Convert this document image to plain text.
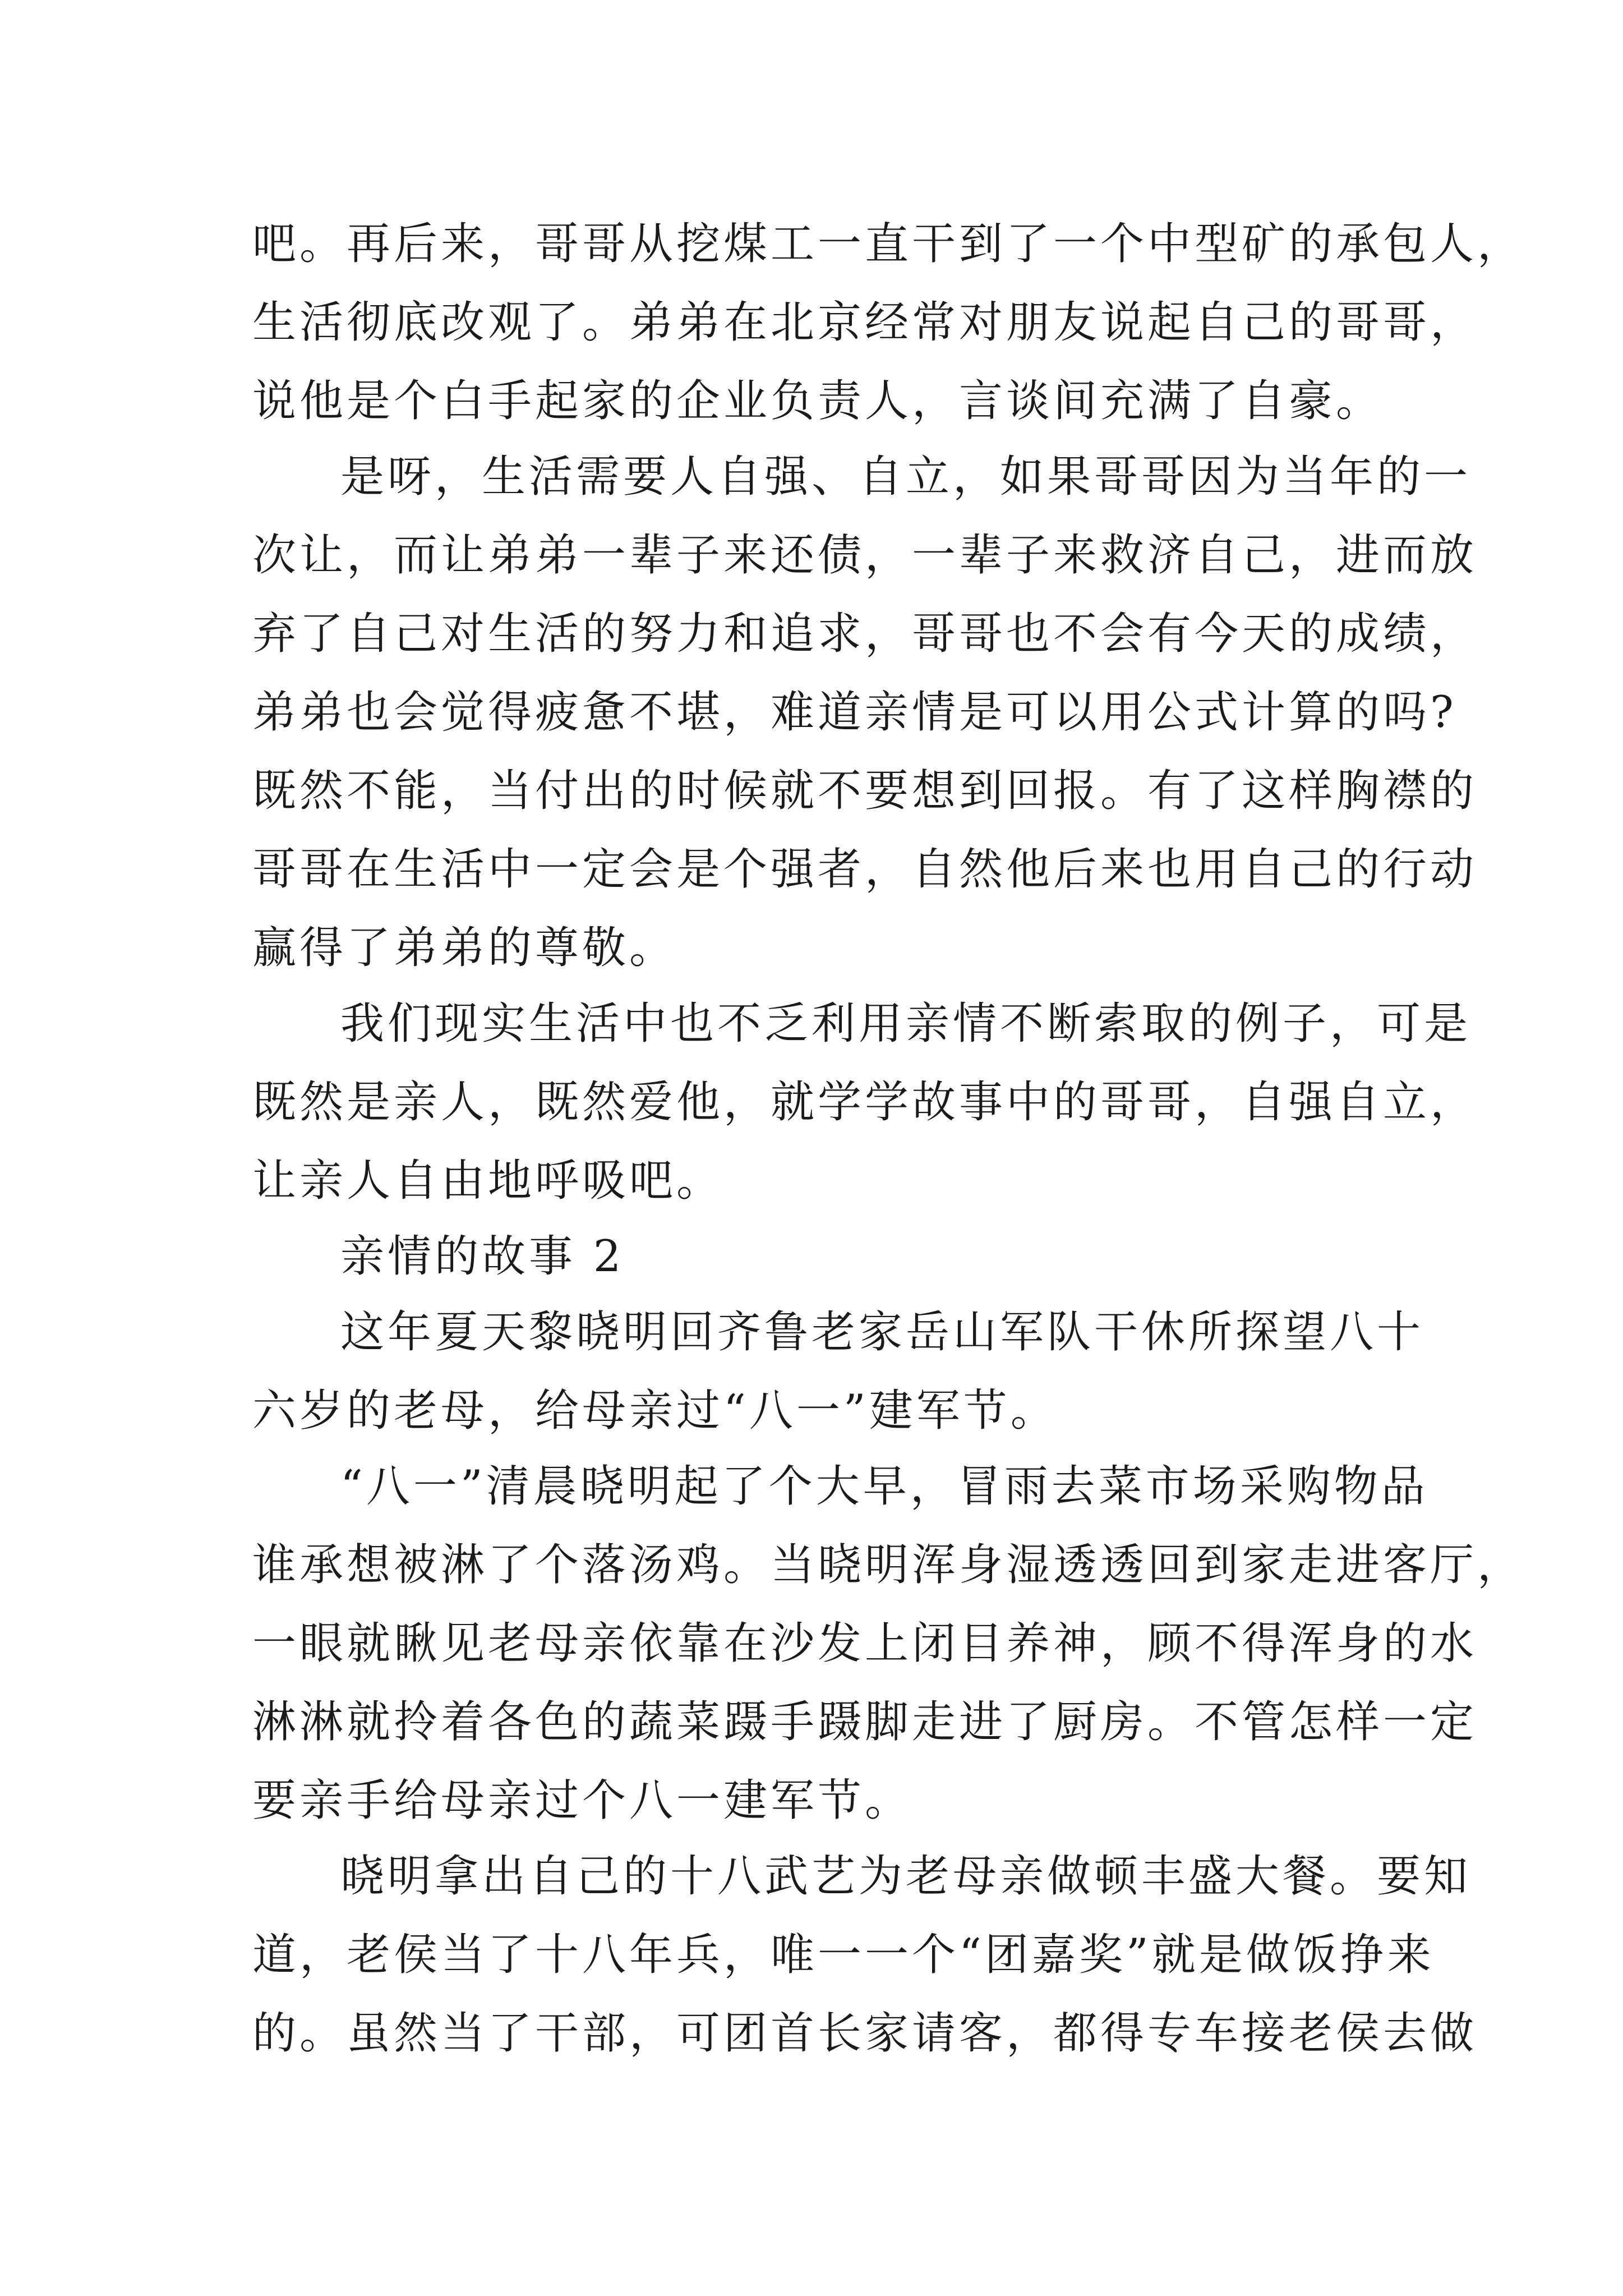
吧。再后来，哥哥从挖煤工一直干到了一个中型矿的承包人，
生活彻底改观了。弟弟在北京经常对朋友说起自己的哥哥，
说他是个白手起家的企业负责人，言谈间充满了自豪。
是呀，生活需要人自强、自立，如果哥哥因为当年的一
次让，而让弟弟一辈子来还债，一辈子来救济自己，进而放
弃了自己对生活的努力和追求，哥哥也不会有今天的成绩，
弟弟也会觉得疲惫不堪，难道亲情是可以用公式计算的吗?
既然不能，当付出的时候就不要想到回报。有了这样胸襟的
哥哥在生活中一定会是个强者，自然他后来也用自己的行动
赢得了弟弟的尊敬。
我们现实生活中也不乏利用亲情不断索取的例子，可是
既然是亲人，既然爱他，就学学故事中的哥哥，自强自立，
让亲人自由地呼吸吧。
亲情的故事 2
这年夏天黎晓明回齐鲁老家岳山军队干休所探望八十
六岁的老母，给母亲过“八一”建军节。
“八一”清晨晓明起了个大早，冒雨去菜市场采购物品
谁承想被淋了个落汤鸡。当晓明浑身湿透透回到家走进客厅，
一眼就瞅见老母亲依靠在沙发上闭目养神，顾不得浑身的水
淋淋就拎着各色的蔬菜蹑手蹑脚走进了厨房。不管怎样一定
要亲手给母亲过个八一建军节。
晓明拿出自己的十八武艺为老母亲做顿丰盛大餐。要知
道，老侯当了十八年兵，唯一一个“团嘉奖”就是做饭挣来
的。虽然当了干部，可团首长家请客，都得专车接老侯去做
